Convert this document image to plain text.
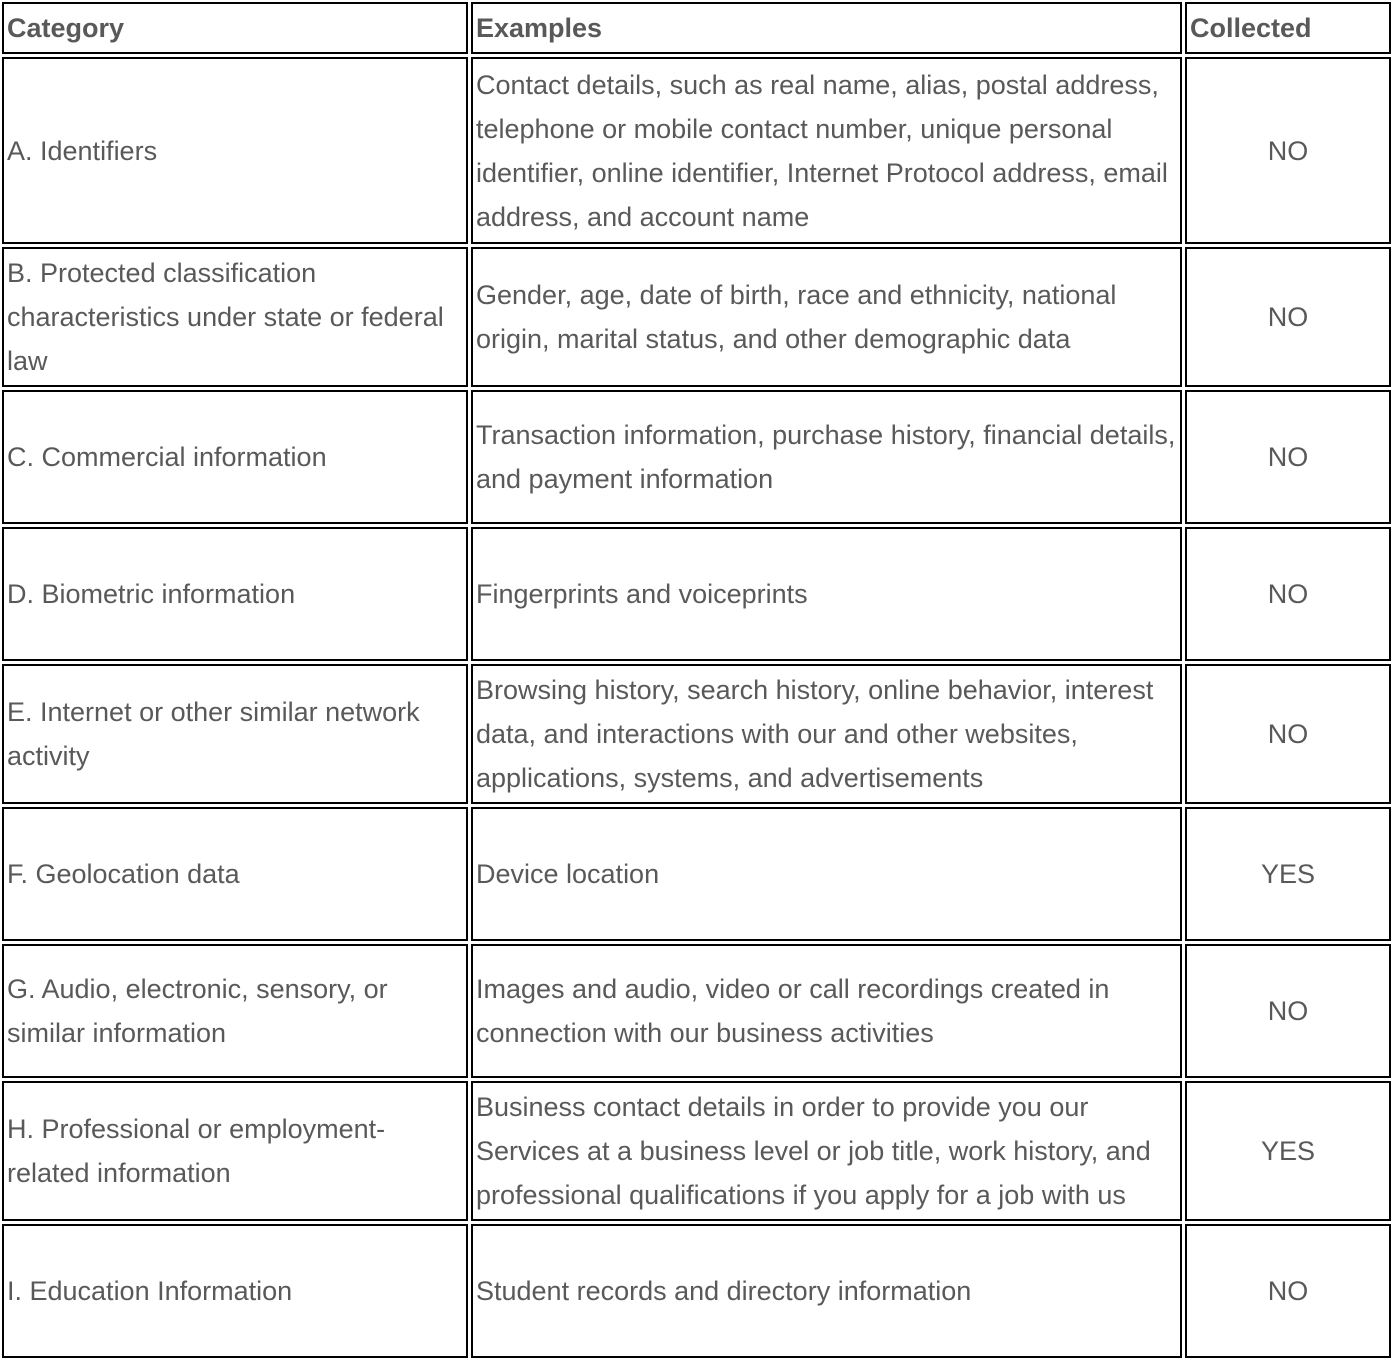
Category	Examples	Collected
A. Identifiers	Contact details, such as real name, alias, postal address, telephone or mobile contact number, unique personal identifier, online identifier, Internet Protocol address, email address, and account name	NO
B. Protected classification characteristics under state or federal law	Gender, age, date of birth, race and ethnicity, national origin, marital status, and other demographic data	NO
C. Commercial information	Transaction information, purchase history, financial details, and payment information	NO
D. Biometric information	Fingerprints and voiceprints	NO
E. Internet or other similar network activity	Browsing history, search history, online behavior, interest data, and interactions with our and other websites, applications, systems, and advertisements	NO
F. Geolocation data	Device location	YES
G. Audio, electronic, sensory, or similar information	Images and audio, video or call recordings created in connection with our business activities	NO
H. Professional or employment-related information	Business contact details in order to provide you our Services at a business level or job title, work history, and professional qualifications if you apply for a job with us	YES
I. Education Information	Student records and directory information	NO
